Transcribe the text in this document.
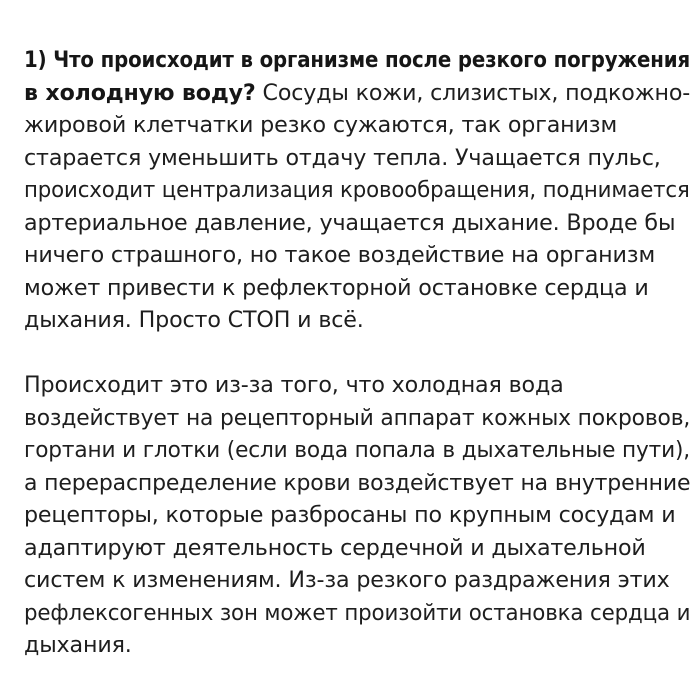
1) Что происходит в организме после резкого погружения
в холодную воду? Сосуды кожи, слизистых, подкожно-
жировой клетчатки резко сужаются, так организм
старается уменьшить отдачу тепла. Учащается пульс,
происходит централизация кровообращения, поднимается
артериальное давление, учащается дыхание. Вроде бы
ничего страшного, но такое воздействие на организм
может привести к рефлекторной остановке сердца и
дыхания. Просто СТОП и всё.

Происходит это из-за того, что холодная вода
воздействует на рецепторный аппарат кожных покровов,
гортани и глотки (если вода попала в дыхательные пути),
а перераспределение крови воздействует на внутренние
рецепторы, которые разбросаны по крупным сосудам и
адаптируют деятельность сердечной и дыхательной
систем к изменениям. Из-за резкого раздражения этих
рефлексогенных зон может произойти остановка сердца и
дыхания.
